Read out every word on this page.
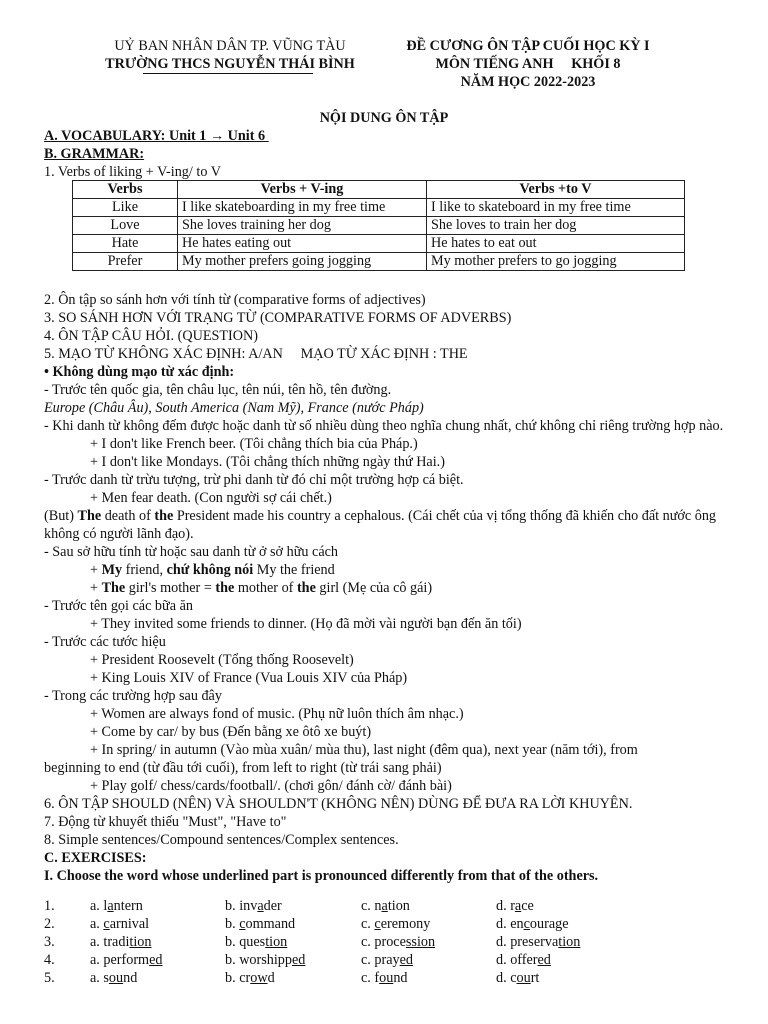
UỶ BAN NHÂN DÂN TP. VŨNG TÀU
TRƯỜNG THCS NGUYỄN THÁI BÌNH
ĐỀ CƯƠNG ÔN TẬP CUỐI HỌC KỲ I
MÔN TIẾNG ANH     KHỐI 8
NĂM HỌC 2022-2023
NỘI DUNG ÔN TẬP
A. VOCABULARY: Unit 1 → Unit 6
B. GRAMMAR:
1. Verbs of liking + V-ing/ to V
Verbs	Verbs + V-ing	Verbs +to V
Like	I like skateboarding in my free time	I like to skateboard in my free time
Love	She loves training her dog	She loves to train her dog
Hate	He hates eating out	He hates to eat out
Prefer	My mother prefers going jogging	My mother prefers to go jogging
2. Ôn tập so sánh hơn với tính từ (comparative forms of adjectives)
3. SO SÁNH HƠN VỚI TRẠNG TỪ (COMPARATIVE FORMS OF ADVERBS)
4. ÔN TẬP CÂU HỎI. (QUESTION)
5. MẠO TỪ KHÔNG XÁC ĐỊNH: A/AN     MẠO TỪ XÁC ĐỊNH : THE
• Không dùng mạo từ xác định:
- Trước tên quốc gia, tên châu lục, tên núi, tên hồ, tên đường.
Europe (Châu Âu), South America (Nam Mỹ), France (nước Pháp)
- Khi danh từ không đếm được hoặc danh từ số nhiều dùng theo nghĩa chung nhất, chứ không chỉ riêng trường hợp nào.
+ I don't like French beer. (Tôi chẳng thích bia của Pháp.)
+ I don't like Mondays. (Tôi chẳng thích những ngày thứ Hai.)
- Trước danh từ trừu tượng, trừ phi danh từ đó chỉ một trường hợp cá biệt.
+ Men fear death. (Con người sợ cái chết.)
(But) The death of the President made his country a cephalous. (Cái chết của vị tổng thống đã khiến cho đất nước ông không có người lãnh đạo).
- Sau sở hữu tính từ hoặc sau danh từ ở sở hữu cách
+ My friend, chứ không nói My the friend
+ The girl's mother = the mother of the girl (Mẹ của cô gái)
- Trước tên gọi các bữa ăn
+ They invited some friends to dinner. (Họ đã mời vài người bạn đến ăn tối)
- Trước các tước hiệu
+ President Roosevelt (Tổng thống Roosevelt)
+ King Louis XIV of France (Vua Louis XIV của Pháp)
- Trong các trường hợp sau đây
+ Women are always fond of music. (Phụ nữ luôn thích âm nhạc.)
+ Come by car/ by bus (Đến bằng xe ôtô xe buýt)
+ In spring/ in autumn (Vào mùa xuân/ mùa thu), last night (đêm qua), next year (năm tới), from
beginning to end (từ đầu tới cuối), from left to right (từ trái sang phải)
+ Play golf/ chess/cards/football/. (chơi gôn/ đánh cờ/ đánh bài)
6. ÔN TẬP SHOULD (NÊN) VÀ SHOULDN'T (KHÔNG NÊN) DÙNG ĐỂ ĐƯA RA LỜI KHUYÊN.
7. Động từ khuyết thiếu "Must", "Have to"
8. Simple sentences/Compound sentences/Complex sentences.
C. EXERCISES:
I. Choose the word whose underlined part is pronounced differently from that of the others.
1. a. lantern	b. invader	c. nation	d. race
2. a. carnival	b. command	c. ceremony	d. encourage
3. a. tradition	b. question	c. procession	d. preservation
4. a. performed	b. worshipped	c. prayed	d. offered
5. a. sound	b. crowd	c. found	d. court
